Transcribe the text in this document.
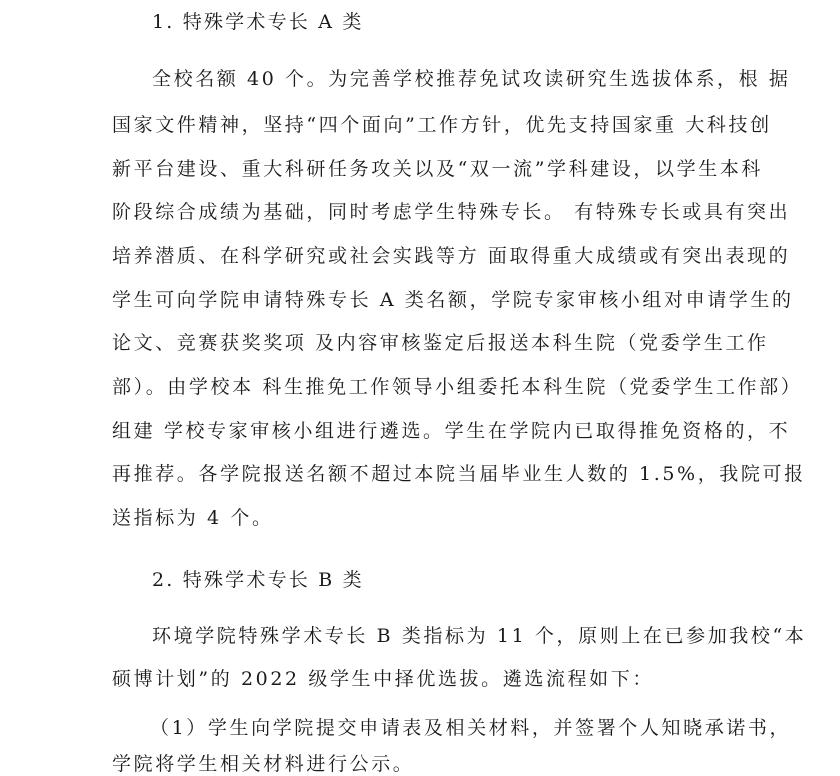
1. 特殊学术专长 A 类
全校名额 40 个。为完善学校推荐免试攻读研究生选拔体系，根 据
国家文件精神，坚持“四个面向”工作方针，优先支持国家重 大科技创
新平台建设、重大科研任务攻关以及“双一流”学科建设，以学生本科
阶段综合成绩为基础，同时考虑学生特殊专长。 有特殊专长或具有突出
培养潜质、在科学研究或社会实践等方 面取得重大成绩或有突出表现的
学生可向学院申请特殊专长 A 类名额，学院专家审核小组对申请学生的
论文、竞赛获奖奖项 及内容审核鉴定后报送本科生院（党委学生工作
部）。由学校本 科生推免工作领导小组委托本科生院（党委学生工作部）
组建 学校专家审核小组进行遴选。学生在学院内已取得推免资格的，不
再推荐。各学院报送名额不超过本院当届毕业生人数的 1.5%，我院可报
送指标为 4 个。
2. 特殊学术专长 B 类
环境学院特殊学术专长 B 类指标为 11 个，原则上在已参加我校“本
硕博计划”的 2022 级学生中择优选拔。遴选流程如下：
（1）学生向学院提交申请表及相关材料，并签署个人知晓承诺书，
学院将学生相关材料进行公示。
